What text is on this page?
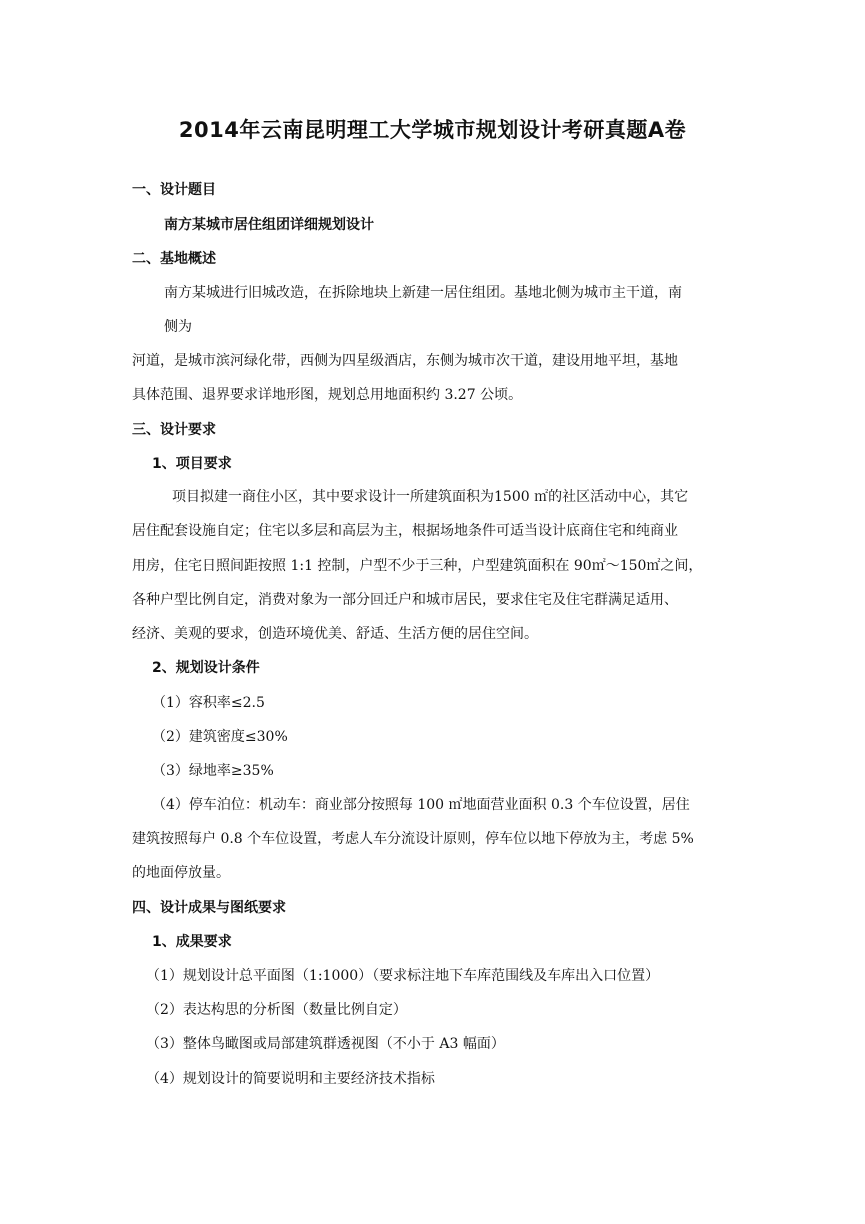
2014年云南昆明理工大学城市规划设计考研真题A卷
一、设计题目
南方某城市居住组团详细规划设计
二、基地概述
南方某城进行旧城改造，在拆除地块上新建一居住组团。基地北侧为城市主干道，南
侧为
河道，是城市滨河绿化带，西侧为四星级酒店，东侧为城市次干道，建设用地平坦，基地
具体范围、退界要求详地形图，规划总用地面积约 3.27 公顷。
三、设计要求
1、项目要求
项目拟建一商住小区，其中要求设计一所建筑面积为1500 ㎡的社区活动中心，其它
居住配套设施自定；住宅以多层和高层为主，根据场地条件可适当设计底商住宅和纯商业
用房，住宅日照间距按照 1:1 控制，户型不少于三种，户型建筑面积在 90㎡～150㎡之间，
各种户型比例自定，消费对象为一部分回迁户和城市居民，要求住宅及住宅群满足适用、
经济、美观的要求，创造环境优美、舒适、生活方便的居住空间。
2、规划设计条件
（1）容积率≤2.5
（2）建筑密度≤30%
（3）绿地率≥35%
（4）停车泊位：机动车：商业部分按照每 100 ㎡地面营业面积 0.3 个车位设置，居住
建筑按照每户 0.8 个车位设置，考虑人车分流设计原则，停车位以地下停放为主，考虑 5%
的地面停放量。
四、设计成果与图纸要求
1、成果要求
（1）规划设计总平面图（1:1000）（要求标注地下车库范围线及车库出入口位置）
（2）表达构思的分析图（数量比例自定）
（3）整体鸟瞰图或局部建筑群透视图（不小于 A3 幅面）
（4）规划设计的简要说明和主要经济技术指标
